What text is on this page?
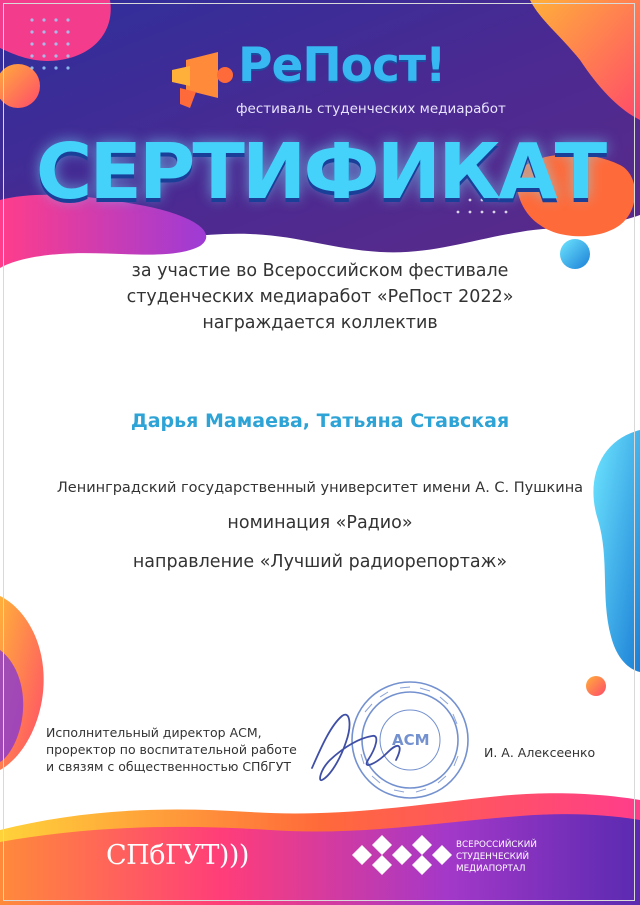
РеПост!
фестиваль студенческих медиаработ
СЕРТИФИКАТ
за участие во Всероссийском фестивале
студенческих медиаработ «РеПост 2022»
награждается коллектив
Дарья Мамаева, Татьяна Ставская
Ленинградский государственный университет имени А. С. Пушкина
номинация «Радио»
направление «Лучший радиорепортаж»
Исполнительный директор АСМ,
проректор по воспитательной работе
и связям с общественностью СПбГУТ
АСМ
И. А. Алексеенко
СПбГУТ)))	ВСЕРОССИЙСКИЙ
СТУДЕНЧЕСКИЙ
МЕДИАПОРТАЛ
